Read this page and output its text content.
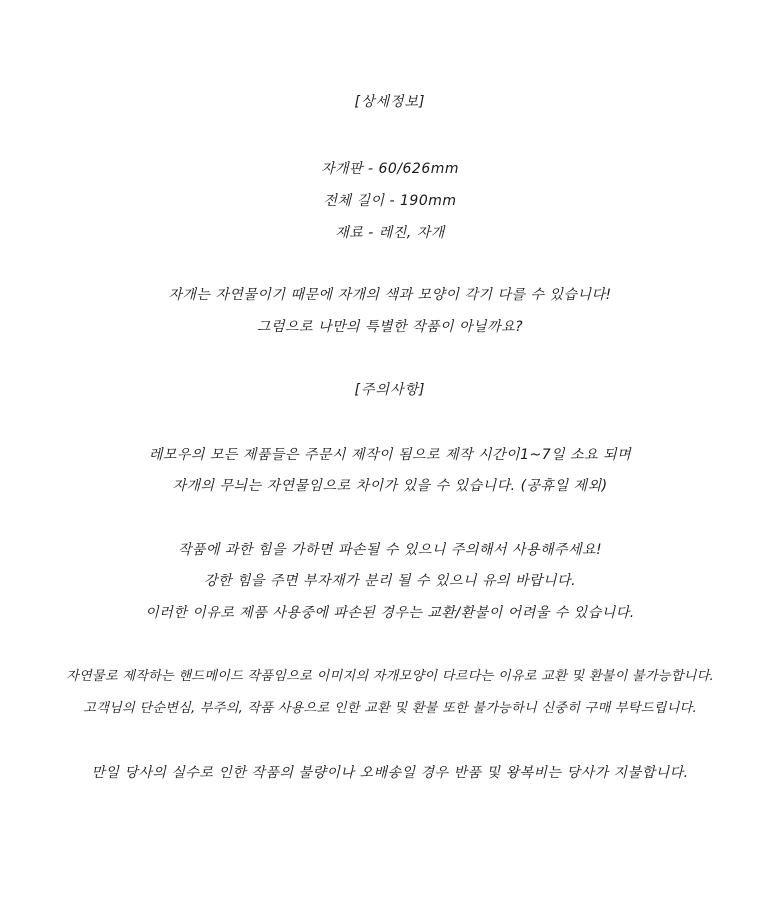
[상세정보]
자개판 - 60/626mm
전체 길이 - 190mm
재료 - 레진, 자개
자개는 자연물이기 때문에 자개의 색과 모양이 각기 다를 수 있습니다!
그럼으로 나만의 특별한 작품이 아닐까요?
[주의사항]
레모우의 모든 제품들은 주문시 제작이 됨으로 제작 시간이1~7일 소요 되며
자개의 무늬는 자연물임으로 차이가 있을 수 있습니다. (공휴일 제외)
작품에 과한 힘을 가하면 파손될 수 있으니 주의해서 사용해주세요!
강한 힘을 주면 부자재가 분리 될 수 있으니 유의 바랍니다.
이러한 이유로 제품 사용중에 파손된 경우는 교환/환불이 어려울 수 있습니다.
자연물로 제작하는 핸드메이드 작품임으로 이미지의 자개모양이 다르다는 이유로 교환 및 환불이 불가능합니다.
고객님의 단순변심, 부주의, 작품 사용으로 인한 교환 및 환불 또한 불가능하니 신중히 구매 부탁드립니다.
만일 당사의 실수로 인한 작품의 불량이나 오배송일 경우 반품 및 왕복비는 당사가 지불합니다.
